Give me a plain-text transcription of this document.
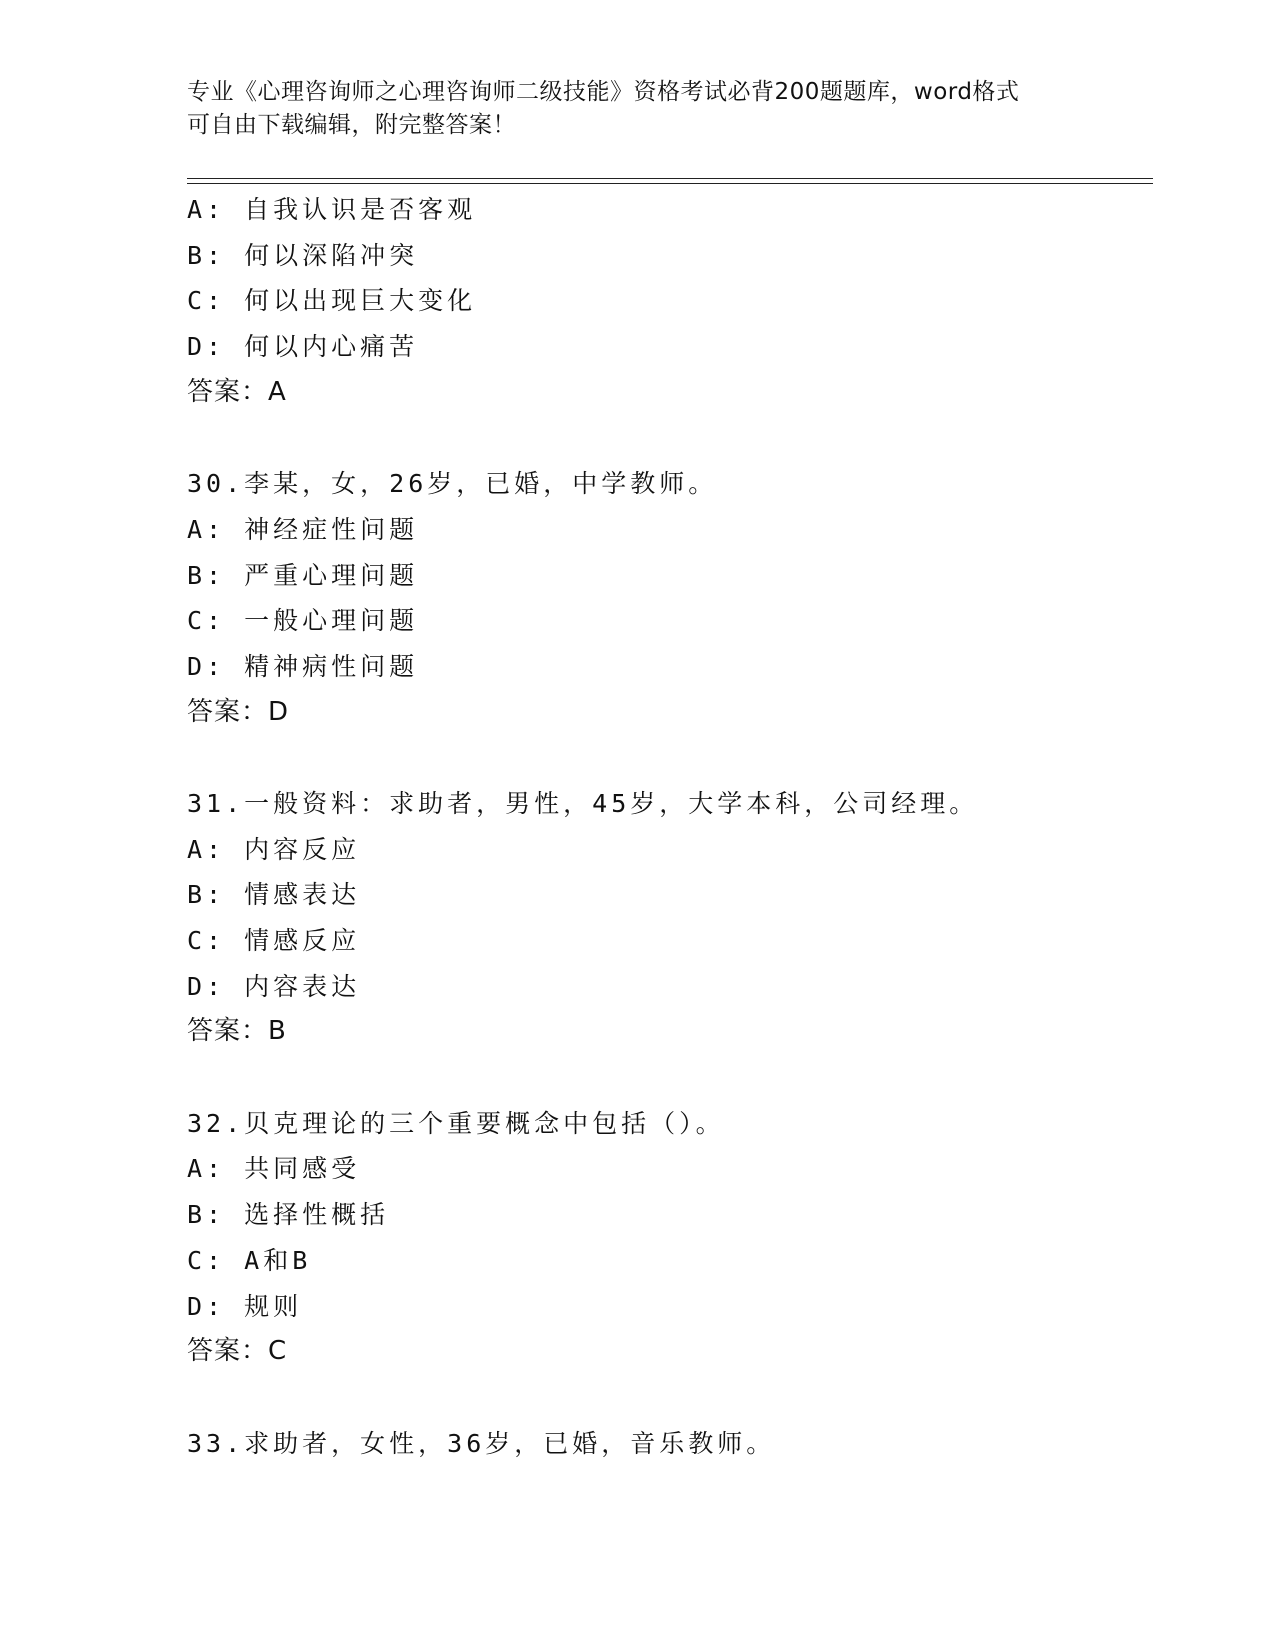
专业《心理咨询师之心理咨询师二级技能》资格考试必背200题题库，word格式
可自由下载编辑，附完整答案！
A: 自我认识是否客观
B: 何以深陷冲突
C: 何以出现巨大变化
D: 何以内心痛苦
答案：A
30.李某，女，26岁，已婚，中学教师。
A: 神经症性问题
B: 严重心理问题
C: 一般心理问题
D: 精神病性问题
答案：D
31.一般资料：求助者，男性，45岁，大学本科，公司经理。
A: 内容反应
B: 情感表达
C: 情感反应
D: 内容表达
答案：B
32.贝克理论的三个重要概念中包括（）。
A: 共同感受
B: 选择性概括
C: A和B
D: 规则
答案：C
33.求助者，女性，36岁，已婚，音乐教师。
